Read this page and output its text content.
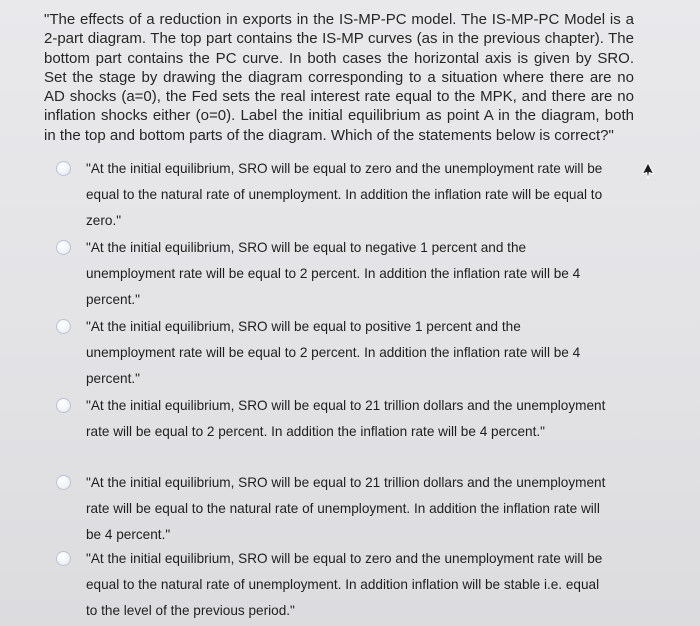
"The effects of a reduction in exports in the IS-MP-PC model. The IS-MP-PC Model is a 2-part diagram. The top part contains the IS-MP curves (as in the previous chapter). The bottom part contains the PC curve. In both cases the horizontal axis is given by SRO. Set the stage by drawing the diagram corresponding to a situation where there are no AD shocks (a=0), the Fed sets the real interest rate equal to the MPK, and there are no inflation shocks either (o=0). Label the initial equilibrium as point A in the diagram, both in the top and bottom parts of the diagram. Which of the statements below is correct?"
"At the initial equilibrium, SRO will be equal to zero and the unemployment rate will be equal to the natural rate of unemployment. In addition the inflation rate will be equal to zero."
"At the initial equilibrium, SRO will be equal to negative 1 percent and the unemployment rate will be equal to 2 percent. In addition the inflation rate will be 4 percent."
"At the initial equilibrium, SRO will be equal to positive 1 percent and the unemployment rate will be equal to 2 percent. In addition the inflation rate will be 4 percent."
"At the initial equilibrium, SRO will be equal to 21 trillion dollars and the unemployment rate will be equal to 2 percent. In addition the inflation rate will be 4 percent."
"At the initial equilibrium, SRO will be equal to 21 trillion dollars and the unemployment rate will be equal to the natural rate of unemployment. In addition the inflation rate will be 4 percent."
"At the initial equilibrium, SRO will be equal to zero and the unemployment rate will be equal to the natural rate of unemployment. In addition inflation will be stable i.e. equal to the level of the previous period."
